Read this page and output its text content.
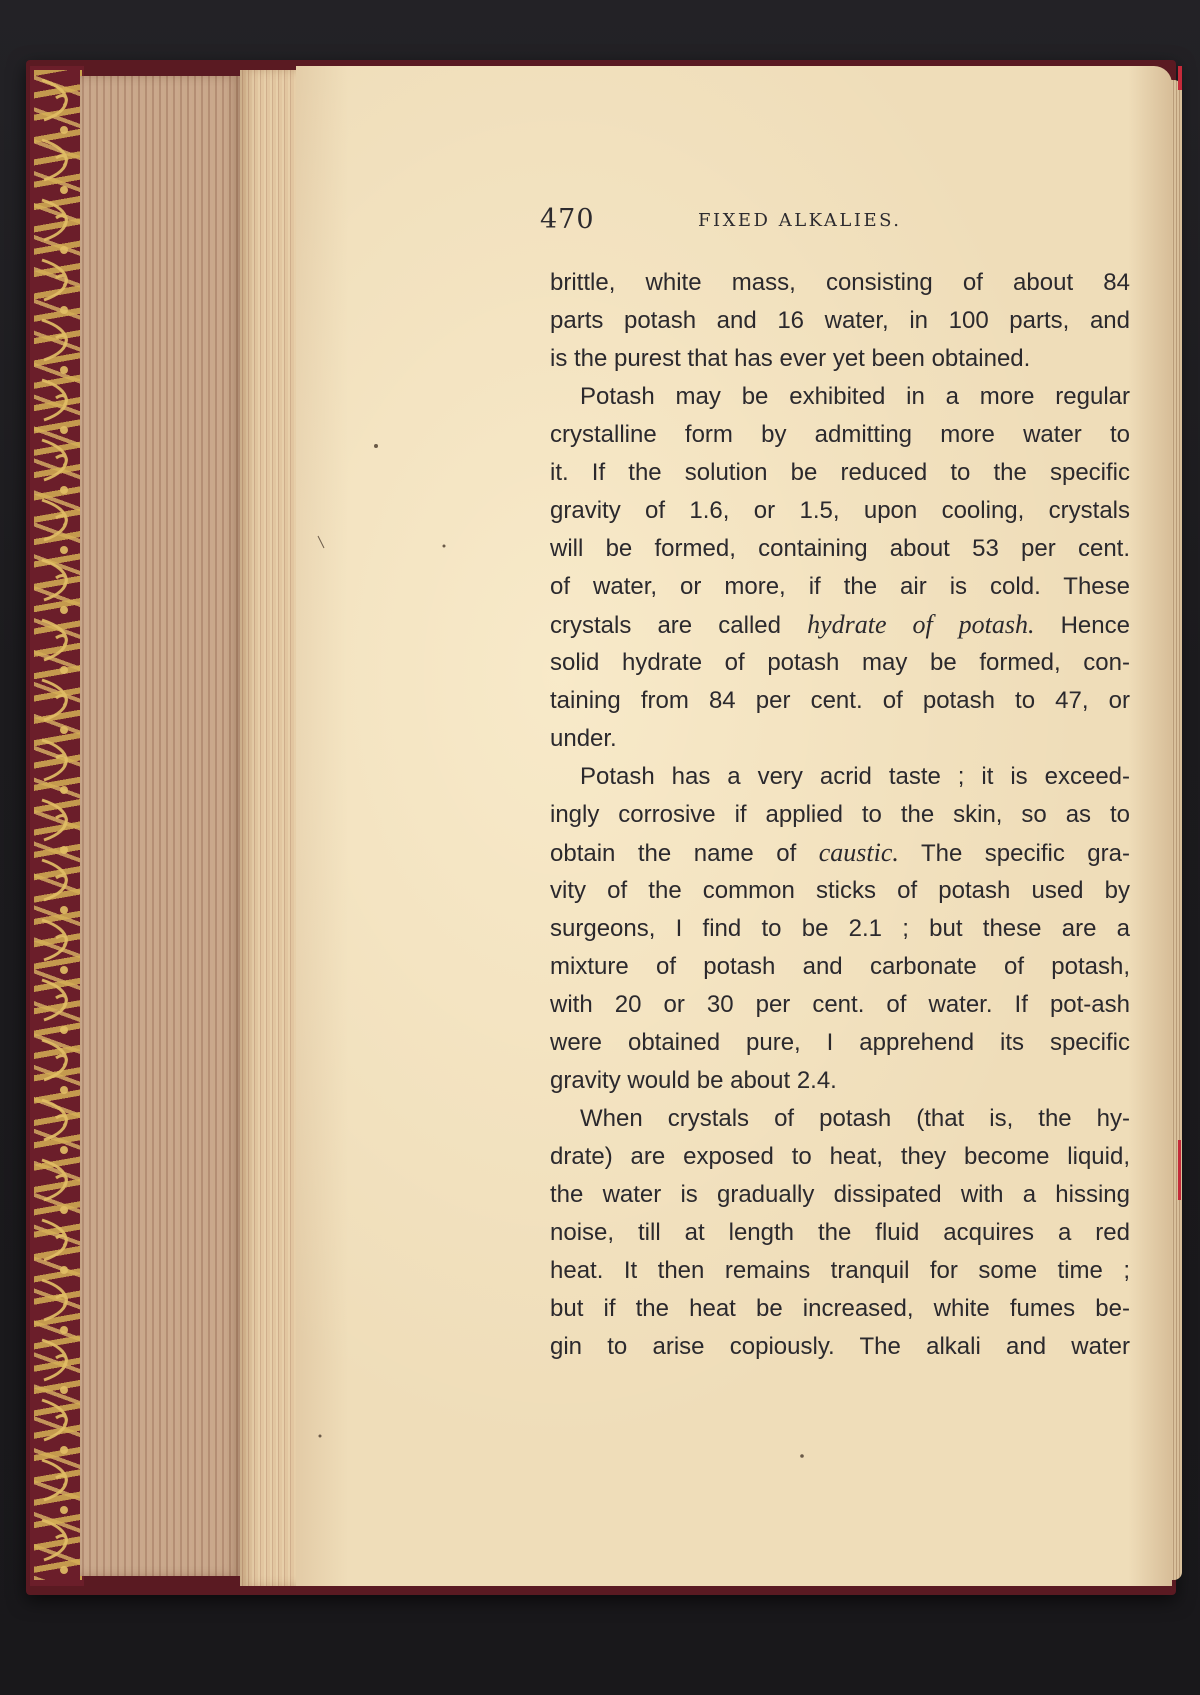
470	FIXED ALKALIES.
brittle, white mass, consisting of about 84
parts potash and 16 water, in 100 parts, and
is the purest that has ever yet been obtained.
Potash may be exhibited in a more regular
crystalline form by admitting more water to
it. If the solution be reduced to the specific
gravity of 1.6, or 1.5, upon cooling, crystals
will be formed, containing about 53 per cent.
of water, or more, if the air is cold. These
crystals are called hydrate of potash. Hence
solid hydrate of potash may be formed, con-
taining from 84 per cent. of potash to 47, or
under.
Potash has a very acrid taste ; it is exceed-
ingly corrosive if applied to the skin, so as to
obtain the name of caustic. The specific gra-
vity of the common sticks of potash used by
surgeons, I find to be 2.1 ; but these are a
mixture of potash and carbonate of potash,
with 20 or 30 per cent. of water. If pot-ash
were obtained pure, I apprehend its specific
gravity would be about 2.4.
When crystals of potash (that is, the hy-
drate) are exposed to heat, they become liquid,
the water is gradually dissipated with a hissing
noise, till at length the fluid acquires a red
heat. It then remains tranquil for some time ;
but if the heat be increased, white fumes be-
gin to arise copiously. The alkali and water
